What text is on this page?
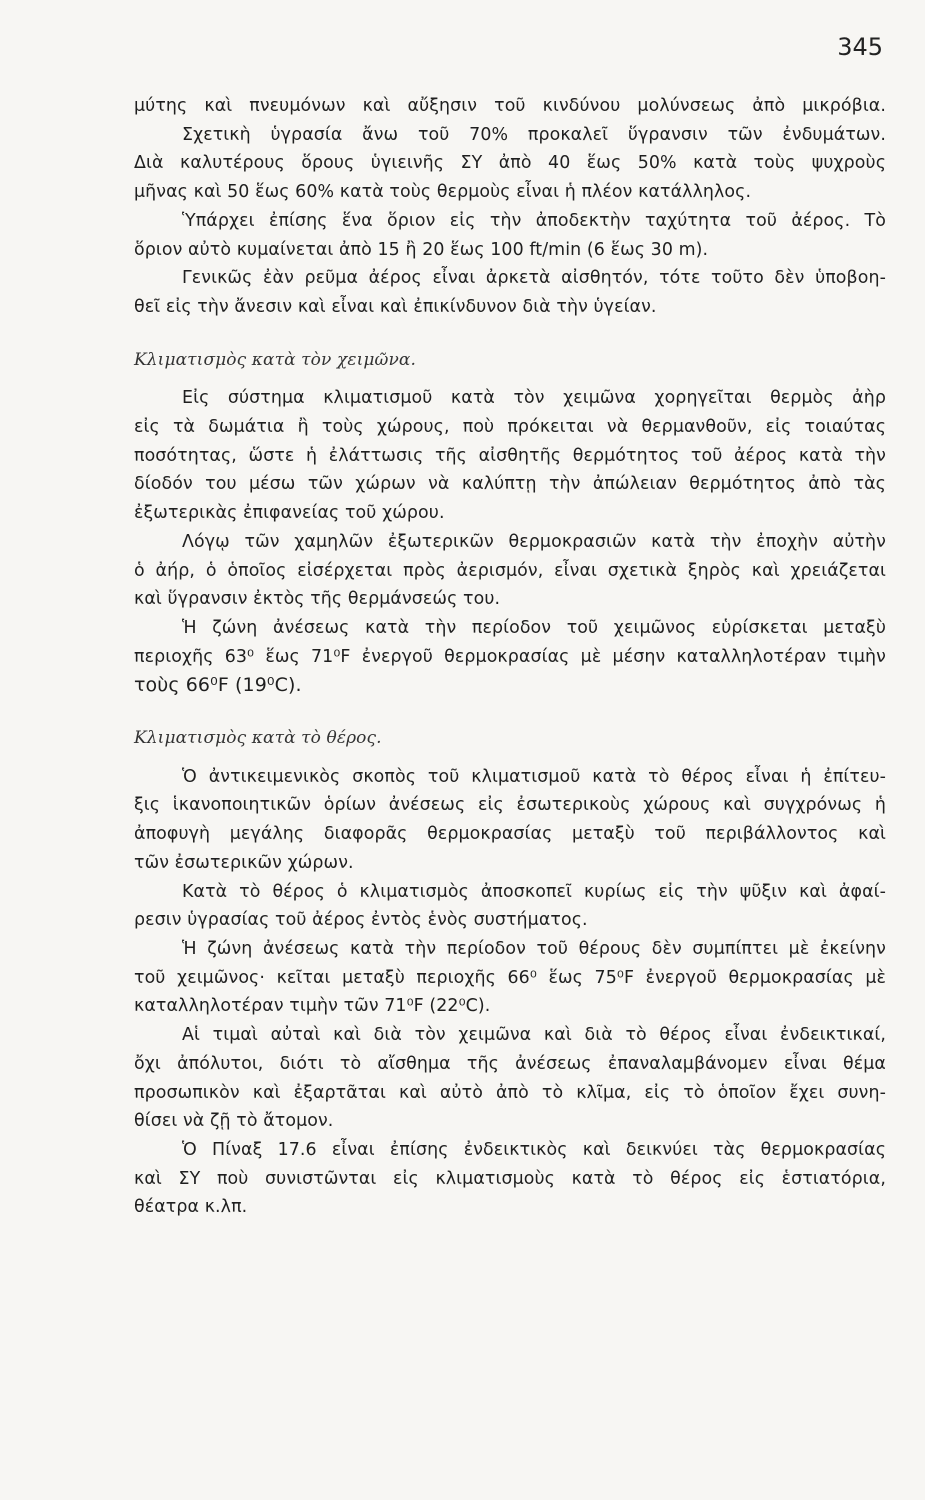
345
μύτης καὶ πνευμόνων καὶ αὔξησιν τοῦ κινδύνου μολύνσεως ἀπὸ μικρόβια.
Σχετικὴ ὑγρασία ἄνω τοῦ 70% προκαλεῖ ὕγρανσιν τῶν ἐνδυμάτων.
Διὰ καλυτέρους ὅρους ὑγιεινῆς ΣΥ ἀπὸ 40 ἕως 50% κατὰ τοὺς ψυχροὺς
μῆνας καὶ 50 ἕως 60% κατὰ τοὺς θερμοὺς εἶναι ἡ πλέον κατάλληλος.
Ὑπάρχει ἐπίσης ἕνα ὅριον εἰς τὴν ἀποδεκτὴν ταχύτητα τοῦ ἀέρος. Τὸ
ὅριον αὐτὸ κυμαίνεται ἀπὸ 15 ἢ 20 ἕως 100 ft/min (6 ἕως 30 m).
Γενικῶς ἐὰν ρεῦμα ἀέρος εἶναι ἀρκετὰ αἰσθητόν, τότε τοῦτο δὲν ὑποβοη-
θεῖ εἰς τὴν ἄνεσιν καὶ εἶναι καὶ ἐπικίνδυνον διὰ τὴν ὑγείαν.
Κλιματισμὸς κατὰ τὸν χειμῶνα.
Εἰς σύστημα κλιματισμοῦ κατὰ τὸν χειμῶνα χορηγεῖται θερμὸς ἀὴρ
εἰς τὰ δωμάτια ἢ τοὺς χώρους, ποὺ πρόκειται νὰ θερμανθοῦν, εἰς τοιαύτας
ποσότητας, ὥστε ἡ ἐλάττωσις τῆς αἰσθητῆς θερμότητος τοῦ ἀέρος κατὰ τὴν
δίοδόν του μέσω τῶν χώρων νὰ καλύπτῃ τὴν ἀπώλειαν θερμότητος ἀπὸ τὰς
ἐξωτερικὰς ἐπιφανείας τοῦ χώρου.
Λόγῳ τῶν χαμηλῶν ἐξωτερικῶν θερμοκρασιῶν κατὰ τὴν ἐποχὴν αὐτὴν
ὁ ἀήρ, ὁ ὁποῖος εἰσέρχεται πρὸς ἀερισμόν, εἶναι σχετικὰ ξηρὸς καὶ χρειάζεται
καὶ ὕγρανσιν ἐκτὸς τῆς θερμάνσεώς του.
Ἡ ζώνη ἀνέσεως κατὰ τὴν περίοδον τοῦ χειμῶνος εὑρίσκεται μεταξὺ
περιοχῆς 63⁰ ἕως 71⁰F ἐνεργοῦ θερμοκρασίας μὲ μέσην καταλληλοτέραν τιμὴν
τοὺς 66⁰F (19⁰C).
Κλιματισμὸς κατὰ τὸ θέρος.
Ὁ ἀντικειμενικὸς σκοπὸς τοῦ κλιματισμοῦ κατὰ τὸ θέρος εἶναι ἡ ἐπίτευ-
ξις ἱκανοποιητικῶν ὁρίων ἀνέσεως εἰς ἐσωτερικοὺς χώρους καὶ συγχρόνως ἡ
ἀποφυγὴ μεγάλης διαφορᾶς θερμοκρασίας μεταξὺ τοῦ περιβάλλοντος καὶ
τῶν ἐσωτερικῶν χώρων.
Κατὰ τὸ θέρος ὁ κλιματισμὸς ἀποσκοπεῖ κυρίως εἰς τὴν ψῦξιν καὶ ἀφαί-
ρεσιν ὑγρασίας τοῦ ἀέρος ἐντὸς ἑνὸς συστήματος.
Ἡ ζώνη ἀνέσεως κατὰ τὴν περίοδον τοῦ θέρους δὲν συμπίπτει μὲ ἐκείνην
τοῦ χειμῶνος· κεῖται μεταξὺ περιοχῆς 66⁰ ἕως 75⁰F ἐνεργοῦ θερμοκρασίας μὲ
καταλληλοτέραν τιμὴν τῶν 71⁰F (22⁰C).
Αἱ τιμαὶ αὐταὶ καὶ διὰ τὸν χειμῶνα καὶ διὰ τὸ θέρος εἶναι ἐνδεικτικαί,
ὄχι ἀπόλυτοι, διότι τὸ αἴσθημα τῆς ἀνέσεως ἐπαναλαμβάνομεν εἶναι θέμα
προσωπικὸν καὶ ἐξαρτᾶται καὶ αὐτὸ ἀπὸ τὸ κλῖμα, εἰς τὸ ὁποῖον ἔχει συνη-
θίσει νὰ ζῇ τὸ ἄτομον.
Ὁ Πίναξ 17.6 εἶναι ἐπίσης ἐνδεικτικὸς καὶ δεικνύει τὰς θερμοκρασίας
καὶ ΣΥ ποὺ συνιστῶνται εἰς κλιματισμοὺς κατὰ τὸ θέρος εἰς ἑστιατόρια,
θέατρα κ.λπ.
